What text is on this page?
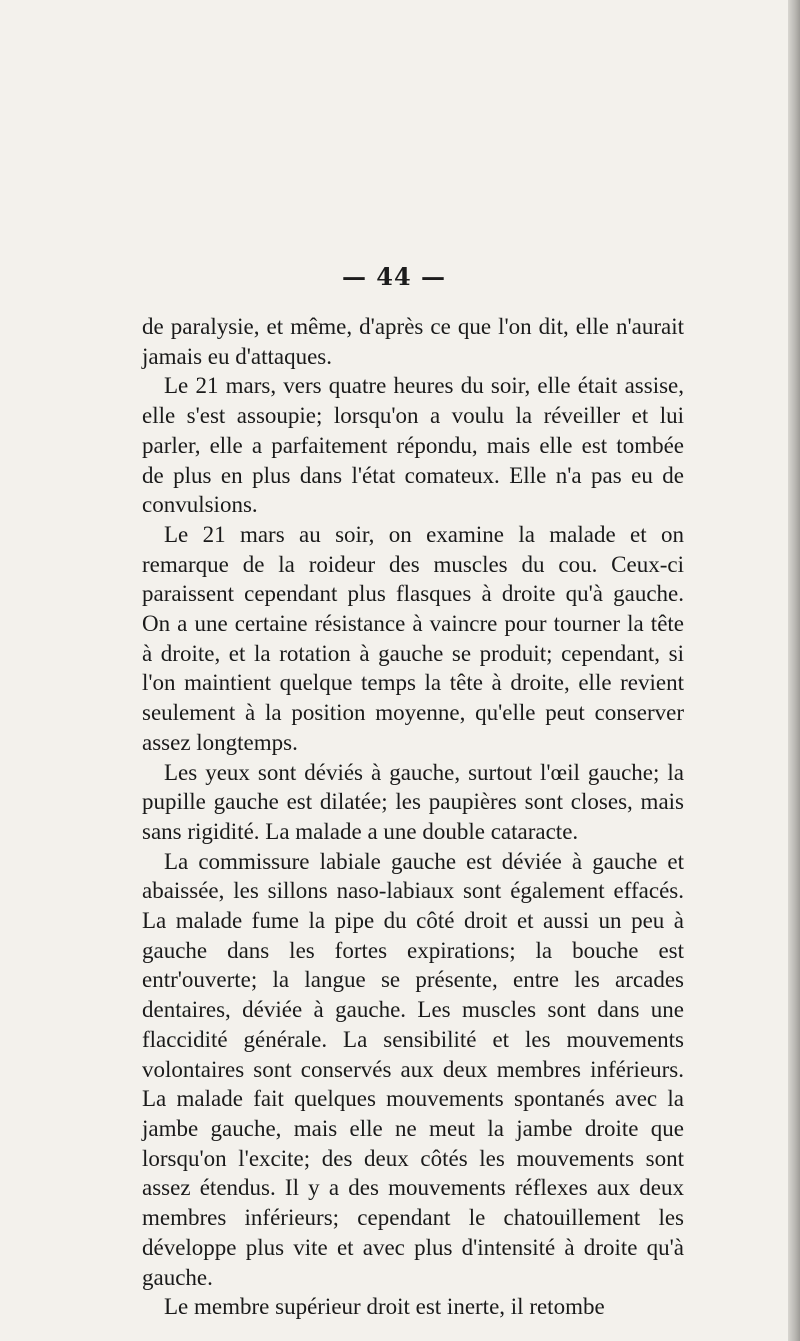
— 44 —

de paralysie, et même, d'après ce que l'on dit, elle n'aurait jamais eu d'attaques.

Le 21 mars, vers quatre heures du soir, elle était assise, elle s'est assoupie; lorsqu'on a voulu la réveiller et lui parler, elle a parfaitement répondu, mais elle est tombée de plus en plus dans l'état comateux. Elle n'a pas eu de convulsions.

Le 21 mars au soir, on examine la malade et on remarque de la roideur des muscles du cou. Ceux-ci paraissent cependant plus flasques à droite qu'à gauche. On a une certaine résistance à vaincre pour tourner la tête à droite, et la rotation à gauche se produit; cependant, si l'on maintient quelque temps la tête à droite, elle revient seulement à la position moyenne, qu'elle peut conserver assez longtemps.

Les yeux sont déviés à gauche, surtout l'œil gauche; la pupille gauche est dilatée; les paupières sont closes, mais sans rigidité. La malade a une double cataracte.

La commissure labiale gauche est déviée à gauche et abaissée, les sillons naso-labiaux sont également effacés. La malade fume la pipe du côté droit et aussi un peu à gauche dans les fortes expirations; la bouche est entr'ouverte; la langue se présente, entre les arcades dentaires, déviée à gauche. Les muscles sont dans une flaccidité générale. La sensibilité et les mouvements volontaires sont conservés aux deux membres inférieurs. La malade fait quelques mouvements spontanés avec la jambe gauche, mais elle ne meut la jambe droite que lorsqu'on l'excite; des deux côtés les mouvements sont assez étendus. Il y a des mouvements réflexes aux deux membres inférieurs; cependant le chatouillement les développe plus vite et avec plus d'intensité à droite qu'à gauche.

Le membre supérieur droit est inerte, il retombe
